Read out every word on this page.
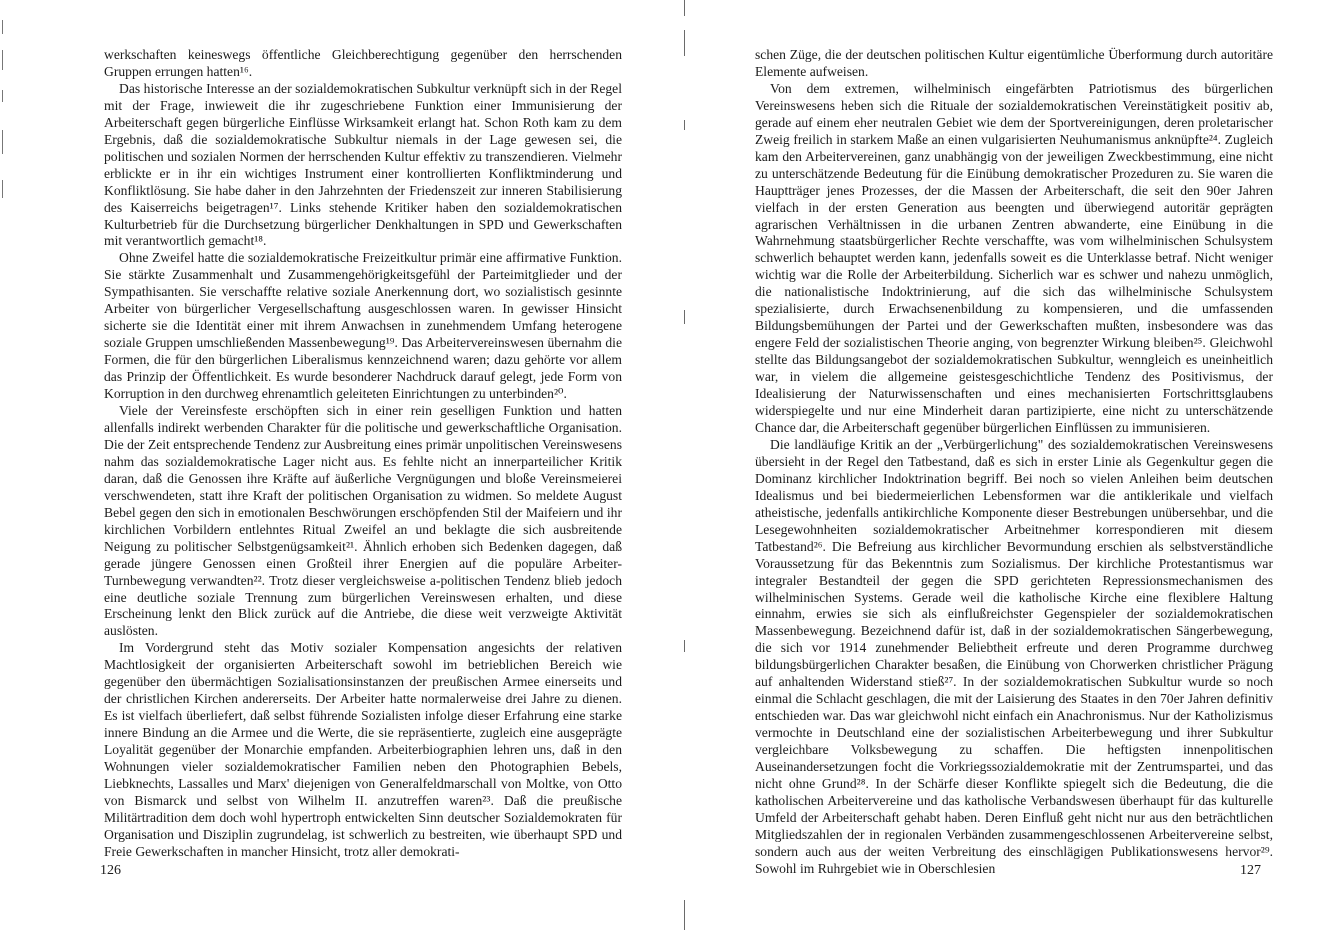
werkschaften keineswegs öffentliche Gleichberechtigung gegenüber den herrschenden Gruppen errungen hatten¹⁶.

Das historische Interesse an der sozialdemokratischen Subkultur verknüpft sich in der Regel mit der Frage, inwieweit die ihr zugeschriebene Funktion einer Immunisierung der Arbeiterschaft gegen bürgerliche Einflüsse Wirksamkeit erlangt hat. Schon Roth kam zu dem Ergebnis, daß die sozialdemokratische Subkultur niemals in der Lage gewesen sei, die politischen und sozialen Normen der herrschenden Kultur effektiv zu transzendieren. Vielmehr erblickte er in ihr ein wichtiges Instrument einer kontrollierten Konfliktminderung und Konfliktlösung. Sie habe daher in den Jahrzehnten der Friedenszeit zur inneren Stabilisierung des Kaiserreichs beigetragen¹⁷. Links stehende Kritiker haben den sozialdemokratischen Kulturbetrieb für die Durchsetzung bürgerlicher Denkhaltungen in SPD und Gewerkschaften mit verantwortlich gemacht¹⁸.

Ohne Zweifel hatte die sozialdemokratische Freizeitkultur primär eine affirmative Funktion. Sie stärkte Zusammenhalt und Zusammengehörigkeitsgefühl der Parteimitglieder und der Sympathisanten. Sie verschaffte relative soziale Anerkennung dort, wo sozialistisch gesinnte Arbeiter von bürgerlicher Vergesellschaftung ausgeschlossen waren. In gewisser Hinsicht sicherte sie die Identität einer mit ihrem Anwachsen in zunehmendem Umfang heterogene soziale Gruppen umschließenden Massenbewegung¹⁹. Das Arbeitervereinswesen übernahm die Formen, die für den bürgerlichen Liberalismus kennzeichnend waren; dazu gehörte vor allem das Prinzip der Öffentlichkeit. Es wurde besonderer Nachdruck darauf gelegt, jede Form von Korruption in den durchweg ehrenamtlich geleiteten Einrichtungen zu unterbinden²⁰.

Viele der Vereinsfeste erschöpften sich in einer rein geselligen Funktion und hatten allenfalls indirekt werbenden Charakter für die politische und gewerkschaftliche Organisation. Die der Zeit entsprechende Tendenz zur Ausbreitung eines primär unpolitischen Vereinswesens nahm das sozialdemokratische Lager nicht aus. Es fehlte nicht an innerparteilicher Kritik daran, daß die Genossen ihre Kräfte auf äußerliche Vergnügungen und bloße Vereinsmeierei verschwendeten, statt ihre Kraft der politischen Organisation zu widmen. So meldete August Bebel gegen den sich in emotionalen Beschwörungen erschöpfenden Stil der Maifeiern und ihr kirchlichen Vorbildern entlehntes Ritual Zweifel an und beklagte die sich ausbreitende Neigung zu politischer Selbstgenügsamkeit²¹. Ähnlich erhoben sich Bedenken dagegen, daß gerade jüngere Genossen einen Großteil ihrer Energien auf die populäre Arbeiter-Turnbewegung verwandten²². Trotz dieser vergleichsweise a-politischen Tendenz blieb jedoch eine deutliche soziale Trennung zum bürgerlichen Vereinswesen erhalten, und diese Erscheinung lenkt den Blick zurück auf die Antriebe, die diese weit verzweigte Aktivität auslösten.

Im Vordergrund steht das Motiv sozialer Kompensation angesichts der relativen Machtlosigkeit der organisierten Arbeiterschaft sowohl im betrieblichen Bereich wie gegenüber den übermächtigen Sozialisationsinstanzen der preußischen Armee einerseits und der christlichen Kirchen andererseits. Der Arbeiter hatte normalerweise drei Jahre zu dienen. Es ist vielfach überliefert, daß selbst führende Sozialisten infolge dieser Erfahrung eine starke innere Bindung an die Armee und die Werte, die sie repräsentierte, zugleich eine ausgeprägte Loyalität gegenüber der Monarchie empfanden. Arbeiterbiographien lehren uns, daß in den Wohnungen vieler sozialdemokratischer Familien neben den Photographien Bebels, Liebknechts, Lassalles und Marx' diejenigen von Generalfeldmarschall von Moltke, von Otto von Bismarck und selbst von Wilhelm II. anzutreffen waren²³. Daß die preußische Militärtradition dem doch wohl hypertroph entwickelten Sinn deutscher Sozialdemokraten für Organisation und Disziplin zugrundelag, ist schwerlich zu bestreiten, wie überhaupt SPD und Freie Gewerkschaften in mancher Hinsicht, trotz aller demokrati-

126

schen Züge, die der deutschen politischen Kultur eigentümliche Überformung durch autoritäre Elemente aufweisen.

Von dem extremen, wilhelminisch eingefärbten Patriotismus des bürgerlichen Vereinswesens heben sich die Rituale der sozialdemokratischen Vereinstätigkeit positiv ab, gerade auf einem eher neutralen Gebiet wie dem der Sportvereinigungen, deren proletarischer Zweig freilich in starkem Maße an einen vulgarisierten Neuhumanismus anknüpfte²⁴. Zugleich kam den Arbeitervereinen, ganz unabhängig von der jeweiligen Zweckbestimmung, eine nicht zu unterschätzende Bedeutung für die Einübung demokratischer Prozeduren zu. Sie waren die Hauptträger jenes Prozesses, der die Massen der Arbeiterschaft, die seit den 90er Jahren vielfach in der ersten Generation aus beengten und überwiegend autoritär geprägten agrarischen Verhältnissen in die urbanen Zentren abwanderte, eine Einübung in die Wahrnehmung staatsbürgerlicher Rechte verschaffte, was vom wilhelminischen Schulsystem schwerlich behauptet werden kann, jedenfalls soweit es die Unterklasse betraf. Nicht weniger wichtig war die Rolle der Arbeiterbildung. Sicherlich war es schwer und nahezu unmöglich, die nationalistische Indoktrinierung, auf die sich das wilhelminische Schulsystem spezialisierte, durch Erwachsenenbildung zu kompensieren, und die umfassenden Bildungsbemühungen der Partei und der Gewerkschaften mußten, insbesondere was das engere Feld der sozialistischen Theorie anging, von begrenzter Wirkung bleiben²⁵. Gleichwohl stellte das Bildungsangebot der sozialdemokratischen Subkultur, wenngleich es uneinheitlich war, in vielem die allgemeine geistesgeschichtliche Tendenz des Positivismus, der Idealisierung der Naturwissenschaften und eines mechanisierten Fortschrittsglaubens widerspiegelte und nur eine Minderheit daran partizipierte, eine nicht zu unterschätzende Chance dar, die Arbeiterschaft gegenüber bürgerlichen Einflüssen zu immunisieren.

Die landläufige Kritik an der „Verbürgerlichung" des sozialdemokratischen Vereinswesens übersieht in der Regel den Tatbestand, daß es sich in erster Linie als Gegenkultur gegen die Dominanz kirchlicher Indoktrination begriff. Bei noch so vielen Anleihen beim deutschen Idealismus und bei biedermeierlichen Lebensformen war die antiklerikale und vielfach atheistische, jedenfalls antikirchliche Komponente dieser Bestrebungen unübersehbar, und die Lesegewohnheiten sozialdemokratischer Arbeitnehmer korrespondieren mit diesem Tatbestand²⁶. Die Befreiung aus kirchlicher Bevormundung erschien als selbstverständliche Voraussetzung für das Bekenntnis zum Sozialismus. Der kirchliche Protestantismus war integraler Bestandteil der gegen die SPD gerichteten Repressionsmechanismen des wilhelminischen Systems. Gerade weil die katholische Kirche eine flexiblere Haltung einnahm, erwies sie sich als einflußreichster Gegenspieler der sozialdemokratischen Massenbewegung. Bezeichnend dafür ist, daß in der sozialdemokratischen Sängerbewegung, die sich vor 1914 zunehmender Beliebtheit erfreute und deren Programme durchweg bildungsbürgerlichen Charakter besaßen, die Einübung von Chorwerken christlicher Prägung auf anhaltenden Widerstand stieß²⁷. In der sozialdemokratischen Subkultur wurde so noch einmal die Schlacht geschlagen, die mit der Laisierung des Staates in den 70er Jahren definitiv entschieden war. Das war gleichwohl nicht einfach ein Anachronismus. Nur der Katholizismus vermochte in Deutschland eine der sozialistischen Arbeiterbewegung und ihrer Subkultur vergleichbare Volksbewegung zu schaffen. Die heftigsten innenpolitischen Auseinandersetzungen focht die Vorkriegssozialdemokratie mit der Zentrumspartei, und das nicht ohne Grund²⁸. In der Schärfe dieser Konflikte spiegelt sich die Bedeutung, die die katholischen Arbeitervereine und das katholische Verbandswesen überhaupt für das kulturelle Umfeld der Arbeiterschaft gehabt haben. Deren Einfluß geht nicht nur aus den beträchtlichen Mitgliedszahlen der in regionalen Verbänden zusammengeschlossenen Arbeitervereine selbst, sondern auch aus der weiten Verbreitung des einschlägigen Publikationswesens hervor²⁹. Sowohl im Ruhrgebiet wie in Oberschlesien	127
